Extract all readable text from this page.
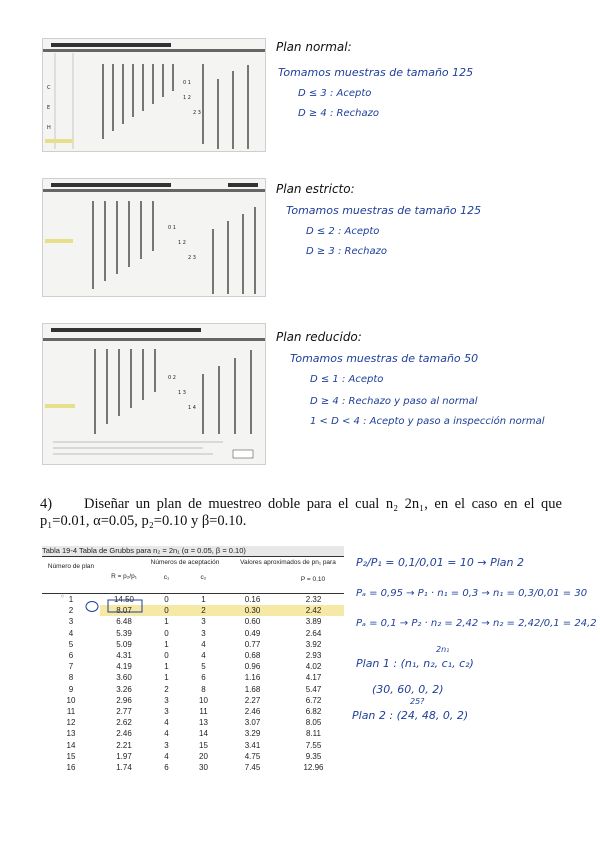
0 1
1 2
2 3
C
E
H
0 1
1 2
2 3
0 2
1 3
1 4
Plan normal:
Tomamos muestras de tamaño 125
D ≤ 3 : Acepto
D ≥ 4 : Rechazo
Plan estricto:
Tomamos muestras de tamaño 125
D ≤ 2 : Acepto
D ≥ 3 : Rechazo
Plan reducido:
Tomamos muestras de tamaño 50
D ≤ 1 : Acepto
D ≥ 4 : Rechazo y paso al normal
1 < D < 4 : Acepto y paso a inspección normal
4)	Diseñar un plan de muestreo doble para el cual n₂ 2n₁, en el caso en el que p₁=0.01, α=0.05, p₂=0.10 y β=0.10.
Tabla 19-4 Tabla de Grubbs para n₂ = 2n₁ (α = 0.05, β = 0.10)
Número de plan
R = p₂/p₁
Números de aceptación
c₁	c₂
Valores aproximados de pn₁ para
P = 0.10
1	14.50	0	1	0.16	2.32
2	8.07	0	2	0.30	2.42
3	6.48	1	3	0.60	3.89
4	5.39	0	3	0.49	2.64
5	5.09	1	4	0.77	3.92
6	4.31	0	4	0.68	2.93
7	4.19	1	5	0.96	4.02
8	3.60	1	6	1.16	4.17
9	3.26	2	8	1.68	5.47
10	2.96	3	10	2.27	6.72
11	2.77	3	11	2.46	6.82
12	2.62	4	13	3.07	8.05
13	2.46	4	14	3.29	8.11
14	2.21	3	15	3.41	7.55
15	1.97	4	20	4.75	9.35
16	1.74	6	30	7.45	12.96
◦
P₂/P₁ = 0,1/0,01 = 10 → Plan 2
Pₐ = 0,95 → P₁ · n₁ = 0,3 → n₁ = 0,3/0,01 = 30
Pₐ = 0,1 → P₂ · n₂ = 2,42 → n₂ = 2,42/0,1 = 24,2
2n₁
Plan 1 : (n₁, n₂, c₁, c₂)
(30, 60, 0, 2)
25?
Plan 2 : (24, 48, 0, 2)
